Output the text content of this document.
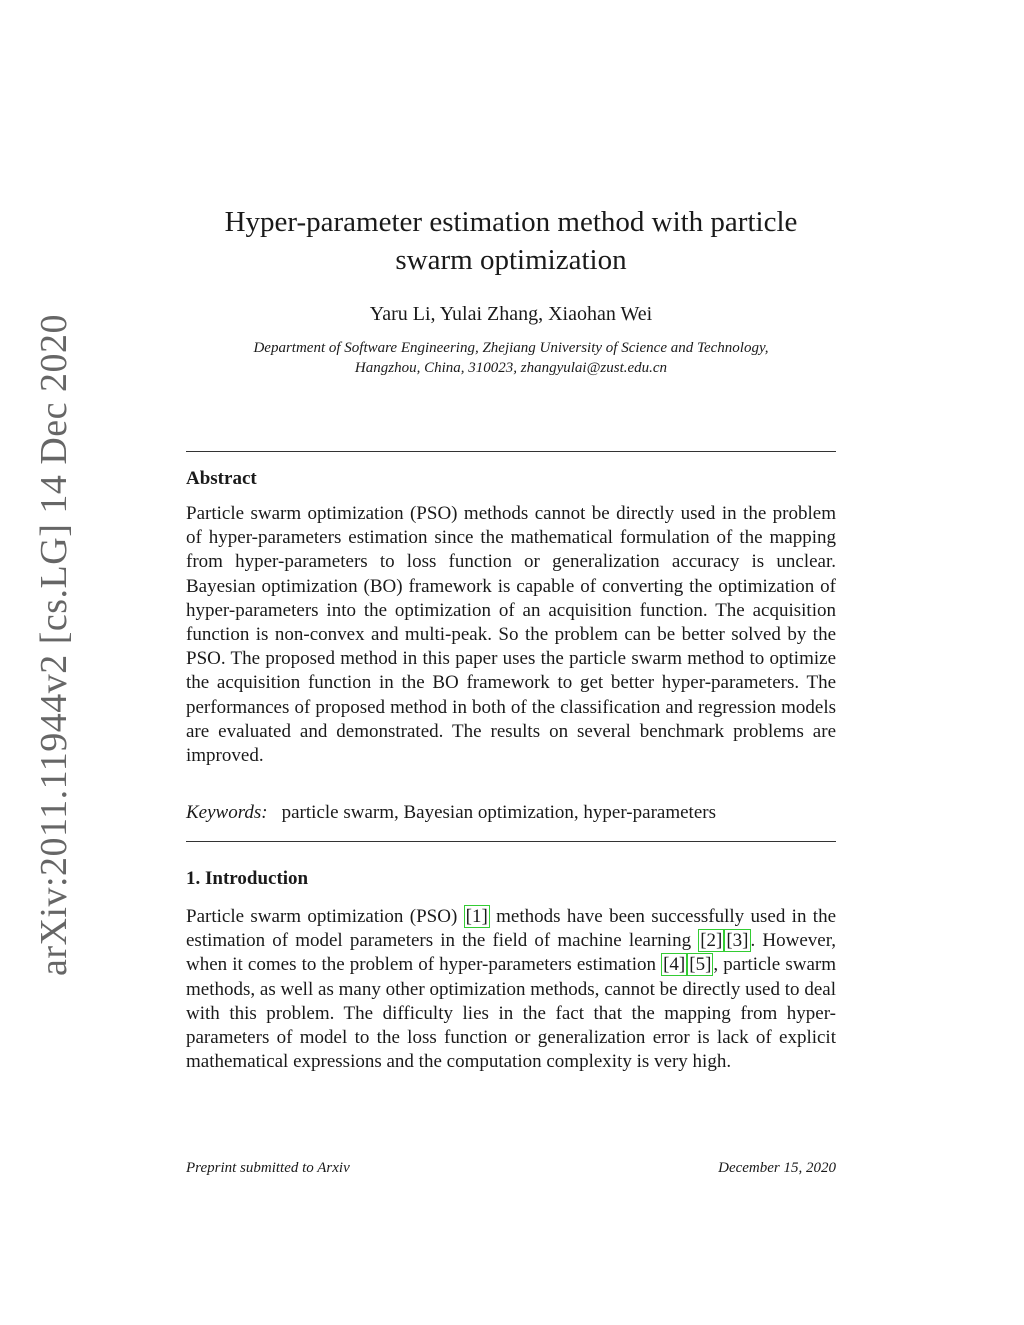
arXiv:2011.11944v2 [cs.LG] 14 Dec 2020
Hyper-parameter estimation method with particle
swarm optimization
Yaru Li, Yulai Zhang, Xiaohan Wei
Department of Software Engineering, Zhejiang University of Science and Technology,
Hangzhou, China, 310023, zhangyulai@zust.edu.cn
Abstract

Particle swarm optimization (PSO) methods cannot be directly used in the problem of hyper-parameters estimation since the mathematical formulation of the mapping from hyper-parameters to loss function or generalization accuracy is unclear. Bayesian optimization (BO) framework is capable of converting the optimization of hyper-parameters into the optimization of an acquisition function. The acquisition function is non-convex and multi-peak. So the problem can be better solved by the PSO. The proposed method in this paper uses the particle swarm method to optimize the acquisition function in the BO framework to get better hyper-parameters. The performances of proposed method in both of the classification and regression models are evaluated and demonstrated. The results on several benchmark problems are improved.

Keywords: particle swarm, Bayesian optimization, hyper-parameters
1. Introduction

Particle swarm optimization (PSO) [1] methods have been successfully used in the estimation of model parameters in the field of machine learning [2] [3] . However, when it comes to the problem of hyper-parameters estimation [4] [5] , particle swarm methods, as well as many other optimization methods, cannot be directly used to deal with this problem. The difficulty lies in the fact that the mapping from hyper-parameters of model to the loss function or generalization error is lack of explicit mathematical expressions and the computation complexity is very high.

Preprint submitted to Arxiv	December 15, 2020
